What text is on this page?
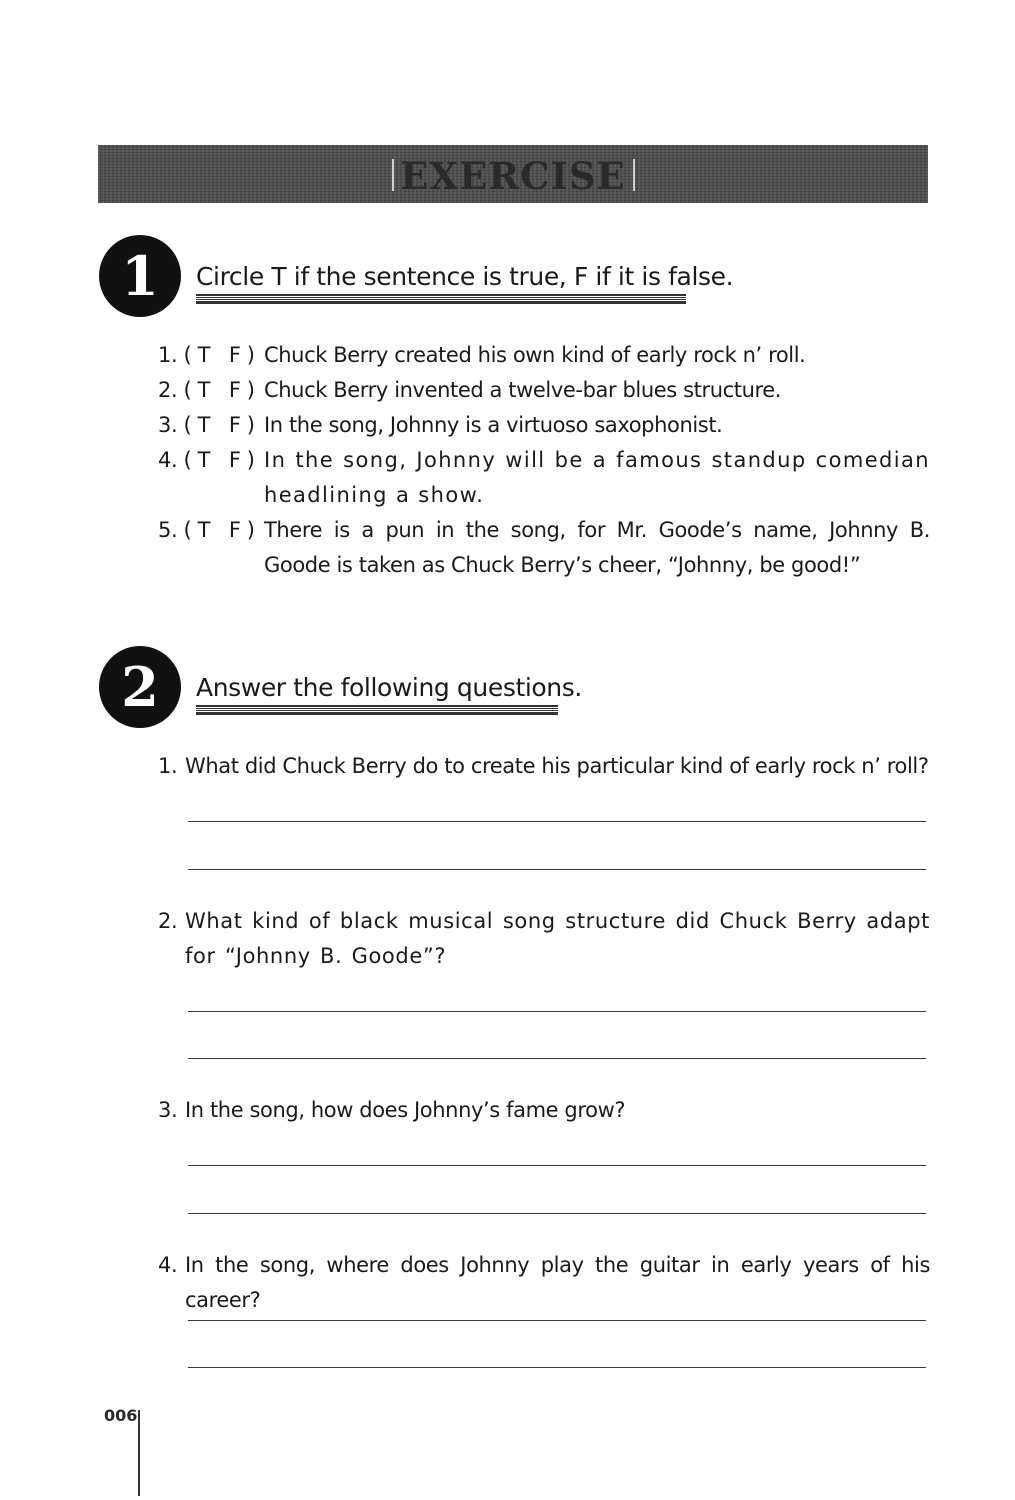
EXERCISE
1	Circle T if the sentence is true, F if it is false.
1. ( T   F ) Chuck Berry created his own kind of early rock n’ roll.
2. ( T   F ) Chuck Berry invented a twelve-bar blues structure.
3. ( T   F ) In the song, Johnny is a virtuoso saxophonist.
4. ( T   F ) In the song, Johnny will be a famous standup comedian headlining a show.
5. ( T   F ) There is a pun in the song, for Mr. Goode’s name, Johnny B. Goode is taken as Chuck Berry’s cheer, “Johnny, be good!”
2	Answer the following questions.
1. What did Chuck Berry do to create his particular kind of early rock n’ roll?
2. What kind of black musical song structure did Chuck Berry adapt for “Johnny B. Goode”?
3. In the song, how does Johnny’s fame grow?
4. In the song, where does Johnny play the guitar in early years of his career?
006
